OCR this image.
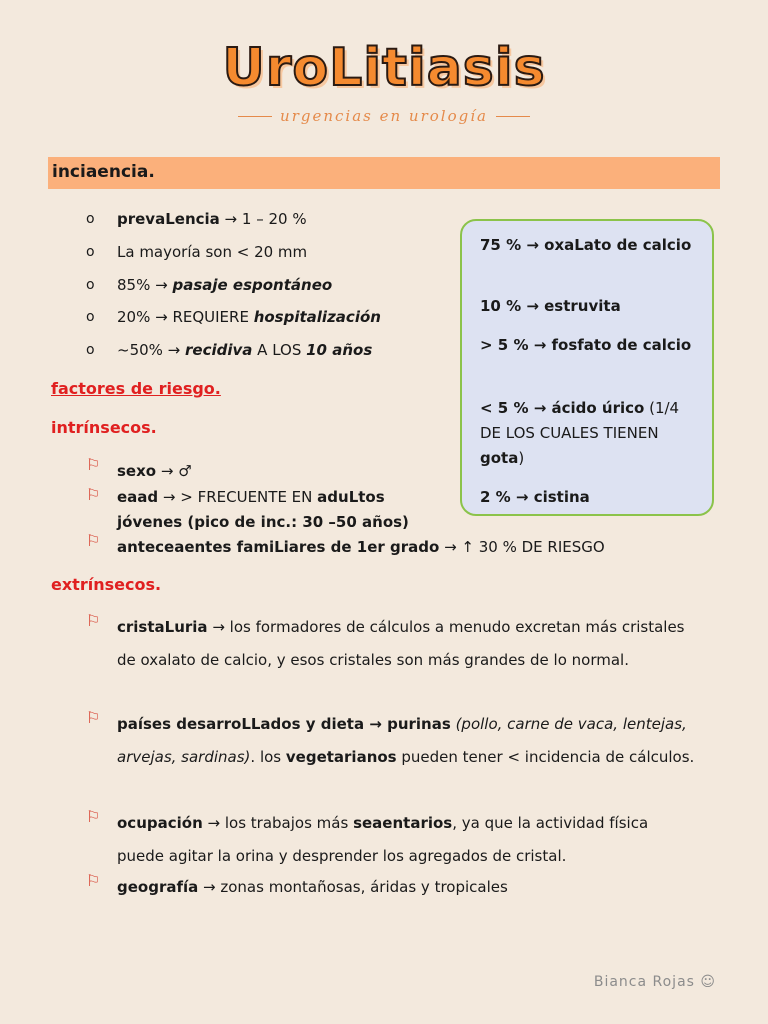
UroLitiasis
urgencias en urología
inciaencia.
o	prevaLencia → 1 – 20 %
o	La mayoría son < 20 mm
o	85% → pasaje espontáneo
o	20% → REQUIERE hospitalización
o	~50% → recidiva A LOS 10 años
75 % → oxaLato de calcio
10 % → estruvita
> 5 % → fosfato de calcio
< 5 % → ácido úrico (1/4 DE LOS CUALES TIENEN gota)
2 % → cistina
factores de riesgo.
intrínsecos.
⚐	sexo → ♂
⚐	eaad → > FRECUENTE EN aduLtos
jóvenes (pico de inc.: 30 –50 años)
⚐	anteceaentes famiLiares de 1er grado → ↑ 30 % DE RIESGO
extrínsecos.
⚐	cristaLuria → los formadores de cálculos a menudo excretan más cristales de oxalato de calcio, y esos cristales son más grandes de lo normal.
⚐	países desarroLLados y dieta → purinas (pollo, carne de vaca, lentejas, arvejas, sardinas). los vegetarianos pueden tener < incidencia de cálculos.
⚐	ocupación → los trabajos más seaentarios, ya que la actividad física puede agitar la orina y desprender los agregados de cristal.
⚐	geografía → zonas montañosas, áridas y tropicales
Bianca Rojas ☺
